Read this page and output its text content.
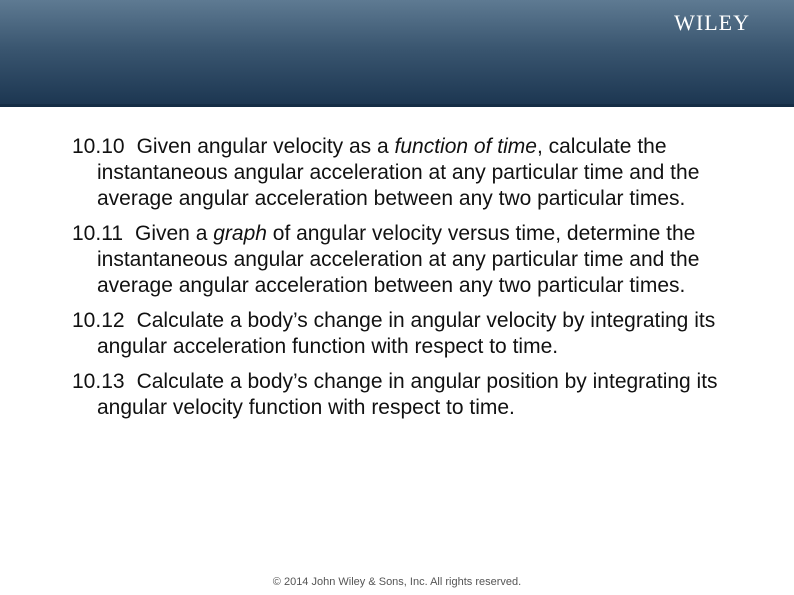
WILEY
10.10 Given angular velocity as a function of time, calculate the instantaneous angular acceleration at any particular time and the average angular acceleration between any two particular times.
10.11 Given a graph of angular velocity versus time, determine the instantaneous angular acceleration at any particular time and the average angular acceleration between any two particular times.
10.12 Calculate a body’s change in angular velocity by integrating its angular acceleration function with respect to time.
10.13 Calculate a body’s change in angular position by integrating its angular velocity function with respect to time.
© 2014 John Wiley & Sons, Inc. All rights reserved.
